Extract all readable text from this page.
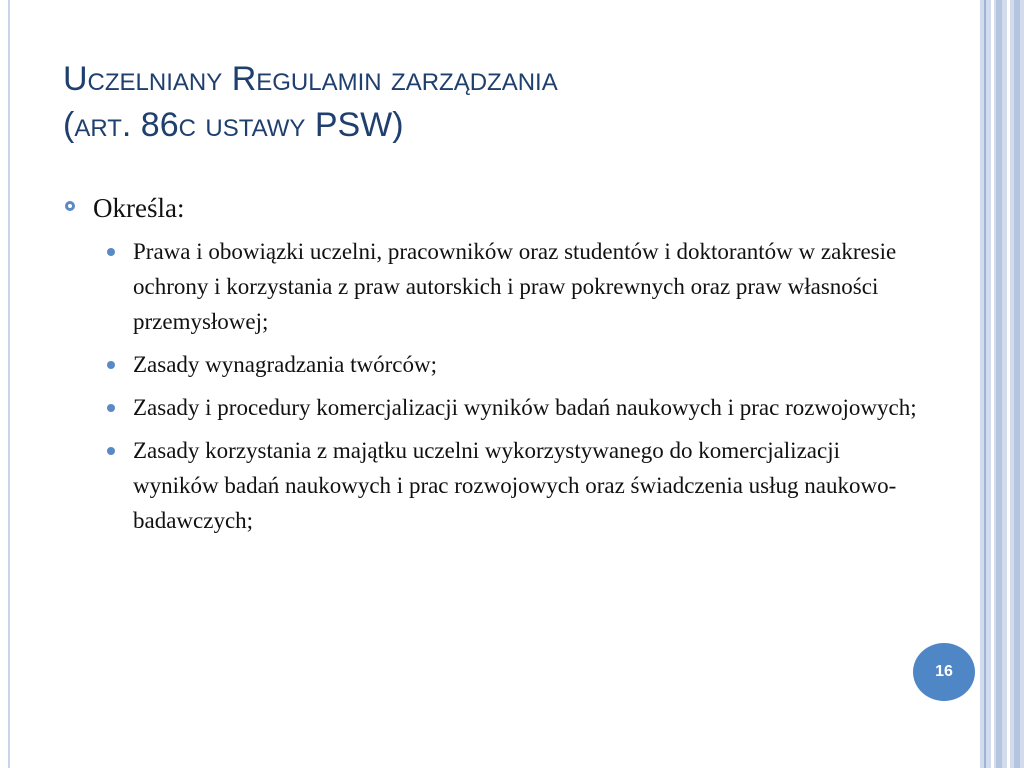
Uczelniany Regulamin zarządzania
(art. 86c ustawy PSW)
Określa:
Prawa i obowiązki uczelni, pracowników oraz studentów i doktorantów w zakresie ochrony i korzystania z praw autorskich i praw pokrewnych oraz praw własności przemysłowej;
Zasady wynagradzania twórców;
Zasady i procedury komercjalizacji wyników badań naukowych i prac rozwojowych;
Zasady korzystania z majątku uczelni wykorzystywanego do komercjalizacji wyników badań naukowych i prac rozwojowych oraz świadczenia usług naukowo-badawczych;
16
